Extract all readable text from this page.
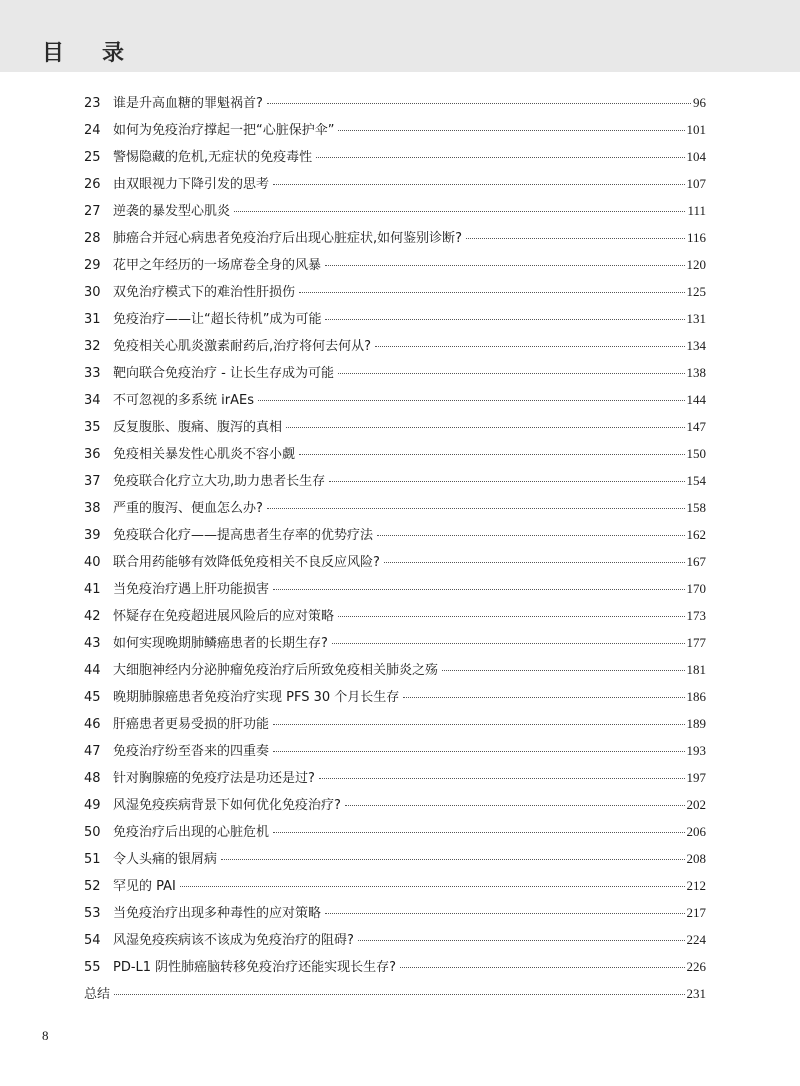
目录
23 谁是升高血糖的罪魁祸首?	96
24 如何为免疫治疗撑起一把“心脏保护伞”	101
25 警惕隐藏的危机,无症状的免疫毒性	104
26 由双眼视力下降引发的思考	107
27 逆袭的暴发型心肌炎	111
28 肺癌合并冠心病患者免疫治疗后出现心脏症状,如何鉴别诊断?	116
29 花甲之年经历的一场席卷全身的风暴	120
30 双免治疗模式下的难治性肝损伤	125
31 免疫治疗——让“超长待机”成为可能	131
32 免疫相关心肌炎激素耐药后,治疗将何去何从?	134
33 靶向联合免疫治疗 - 让长生存成为可能	138
34 不可忽视的多系统 irAEs	144
35 反复腹胀、腹痛、腹泻的真相	147
36 免疫相关暴发性心肌炎不容小觑	150
37 免疫联合化疗立大功,助力患者长生存	154
38 严重的腹泻、便血怎么办?	158
39 免疫联合化疗——提高患者生存率的优势疗法	162
40 联合用药能够有效降低免疫相关不良反应风险?	167
41 当免疫治疗遇上肝功能损害	170
42 怀疑存在免疫超进展风险后的应对策略	173
43 如何实现晚期肺鳞癌患者的长期生存?	177
44 大细胞神经内分泌肿瘤免疫治疗后所致免疫相关肺炎之殇	181
45 晚期肺腺癌患者免疫治疗实现 PFS 30 个月长生存	186
46 肝癌患者更易受损的肝功能	189
47 免疫治疗纷至沓来的四重奏	193
48 针对胸腺癌的免疫疗法是功还是过?	197
49 风湿免疫疾病背景下如何优化免疫治疗?	202
50 免疫治疗后出现的心脏危机	206
51 令人头痛的银屑病	208
52 罕见的 PAI	212
53 当免疫治疗出现多种毒性的应对策略	217
54 风湿免疫疾病该不该成为免疫治疗的阻碍?	224
55 PD-L1 阴性肺癌脑转移免疫治疗还能实现长生存?	226
总结	231
8
